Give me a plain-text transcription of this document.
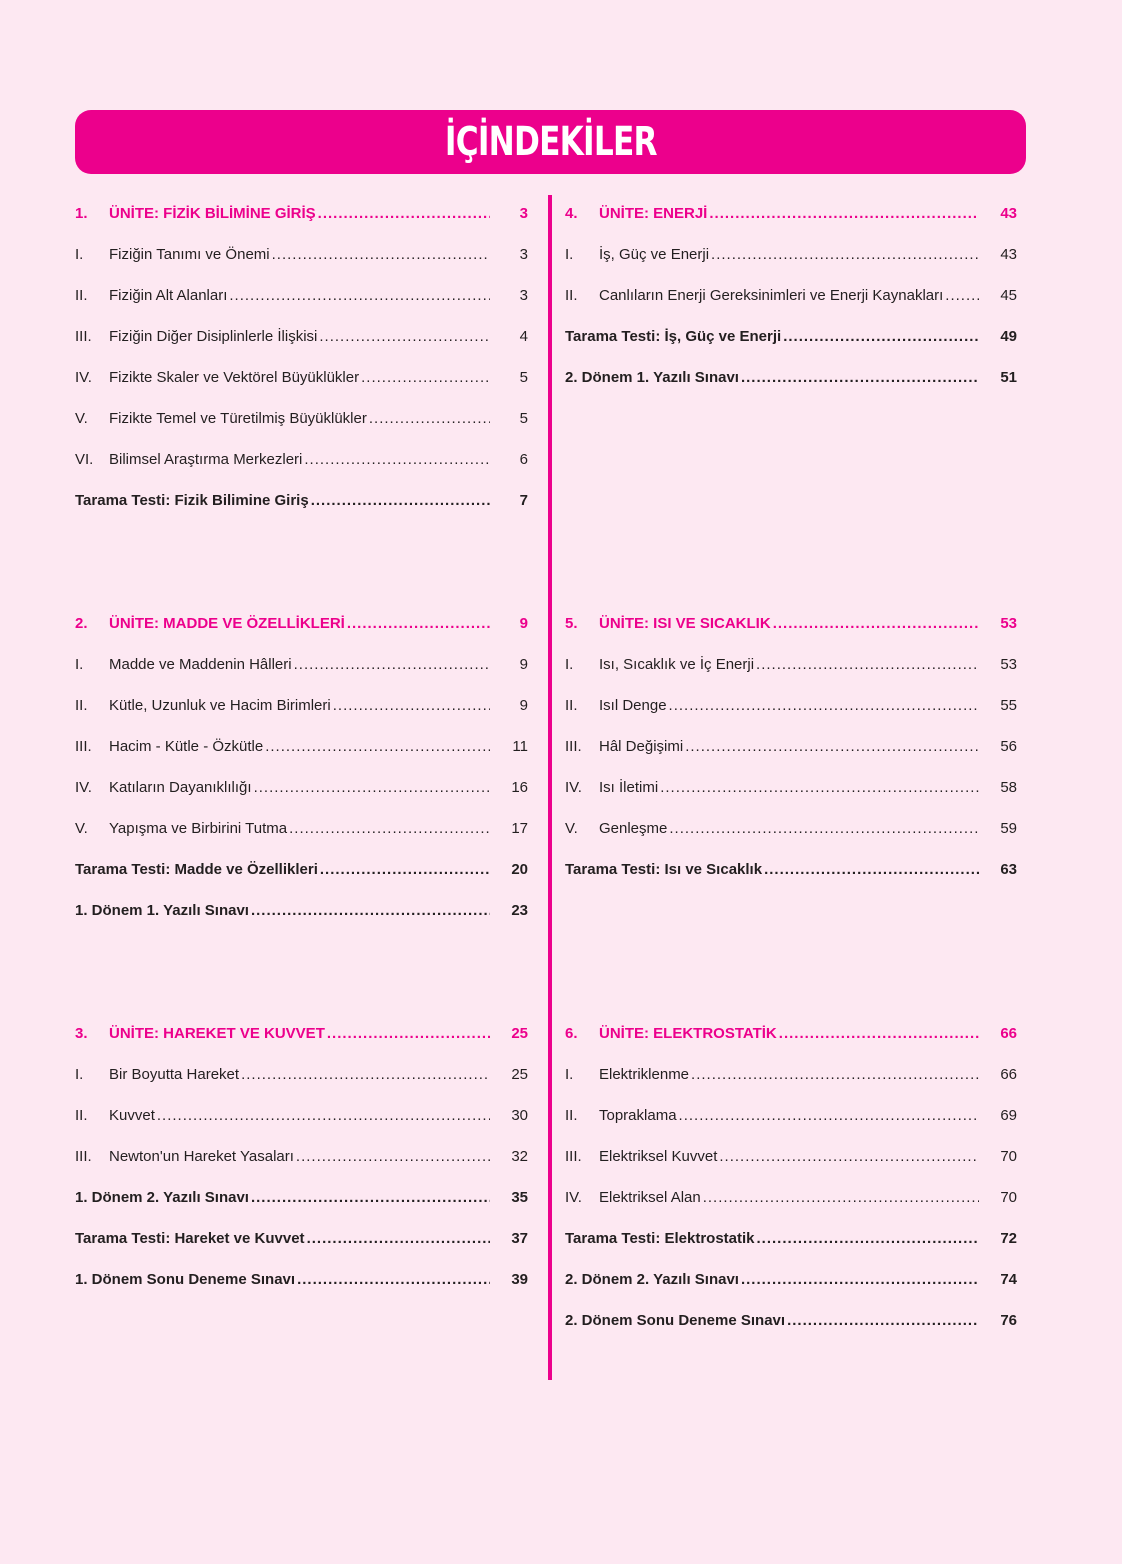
İÇİNDEKİLER
1.	ÜNİTE: FİZİK BİLİMİNE GİRİŞ .....	3
I.	Fiziğin Tanımı ve Önemi .....	3
II.	Fiziğin Alt Alanları .....	3
III.	Fiziğin Diğer Disiplinlerle İlişkisi .....	4
IV.	Fizikte Skaler ve Vektörel Büyüklükler .....	5
V.	Fizikte Temel ve Türetilmiş Büyüklükler .....	5
VI.	Bilimsel Araştırma Merkezleri .....	6
Tarama Testi: Fizik Bilimine Giriş .....	7
4.	ÜNİTE: ENERJİ .....	43
I.	İş, Güç ve Enerji .....	43
II.	Canlıların Enerji Gereksinimleri ve Enerji Kaynakları .....	45
Tarama Testi: İş, Güç ve Enerji .....	49
2. Dönem 1. Yazılı Sınavı .....	51
2.	ÜNİTE: MADDE VE ÖZELLİKLERİ .....	9
I.	Madde ve Maddenin Hâlleri .....	9
II.	Kütle, Uzunluk ve Hacim Birimleri .....	9
III.	Hacim - Kütle - Özkütle .....	11
IV.	Katıların Dayanıklılığı .....	16
V.	Yapışma ve Birbirini Tutma .....	17
Tarama Testi: Madde ve Özellikleri .....	20
1. Dönem 1. Yazılı Sınavı .....	23
5.	ÜNİTE: ISI VE SICAKLIK .....	53
I.	Isı, Sıcaklık ve İç Enerji .....	53
II.	Isıl Denge .....	55
III.	Hâl Değişimi .....	56
IV.	Isı İletimi .....	58
V.	Genleşme .....	59
Tarama Testi: Isı ve Sıcaklık .....	63
3.	ÜNİTE: HAREKET VE KUVVET .....	25
I.	Bir Boyutta Hareket .....	25
II.	Kuvvet .....	30
III.	Newton'un Hareket Yasaları .....	32
1. Dönem 2. Yazılı Sınavı .....	35
Tarama Testi: Hareket ve Kuvvet .....	37
1. Dönem Sonu Deneme Sınavı .....	39
6.	ÜNİTE: ELEKTROSTATİK .....	66
I.	Elektriklenme .....	66
II.	Topraklama .....	69
III.	Elektriksel Kuvvet .....	70
IV.	Elektriksel Alan .....	70
Tarama Testi: Elektrostatik .....	72
2. Dönem 2. Yazılı Sınavı .....	74
2. Dönem Sonu Deneme Sınavı .....	76
